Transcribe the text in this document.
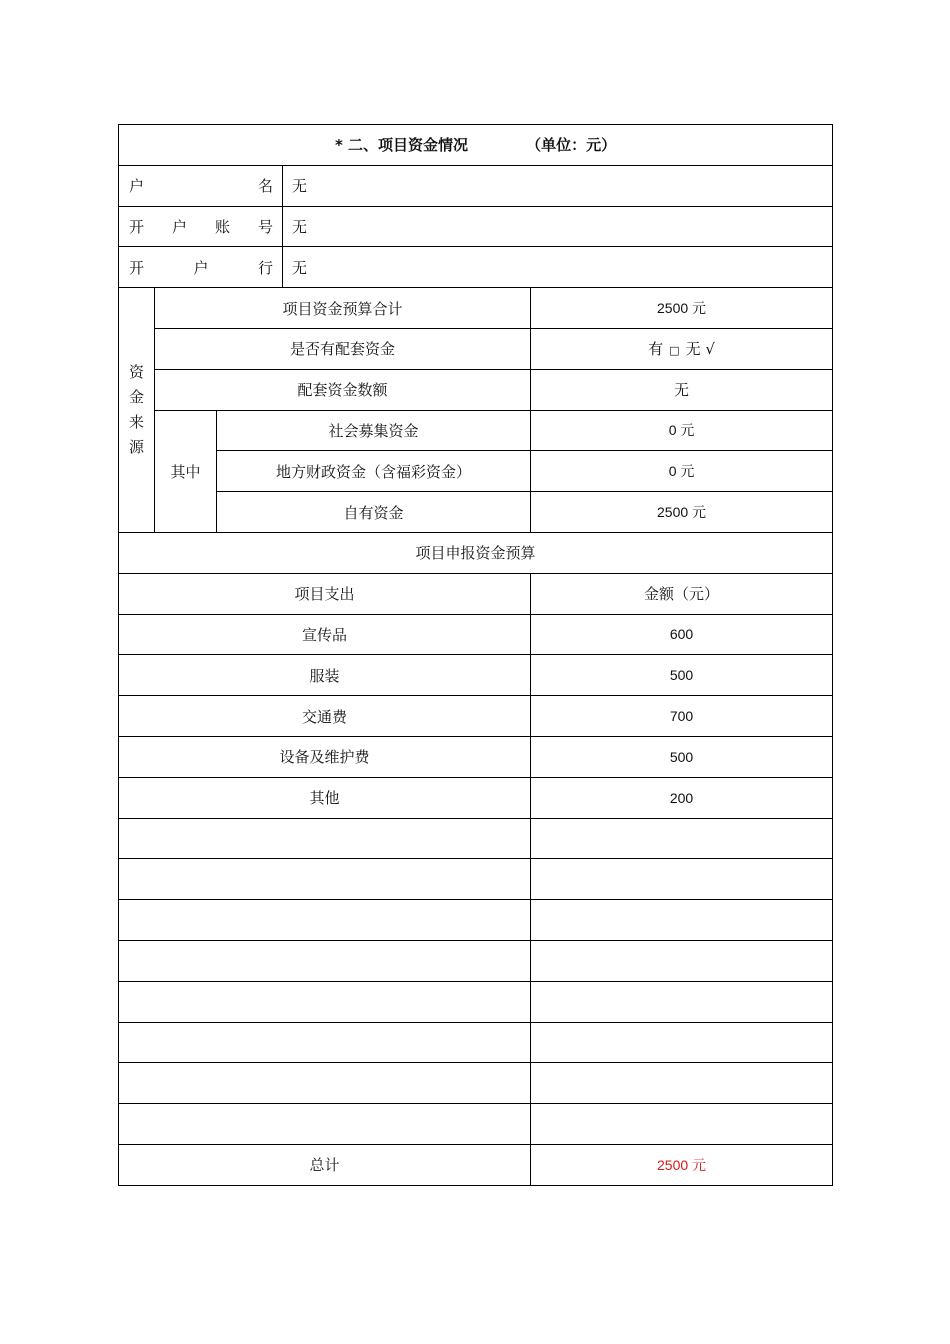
* 二、项目资金情况 （单位：元）				

户 名			无	

开 户 账 号			无	

开 户 行			无	

资
金
来
源	项目资金预算合计			2500 元
	是否有配套资金			有 □ 无 √
	配套资金数额			无
	其中	社会募集资金		0 元
		地方财政资金（含福彩资金）		0 元
		自有资金		2500 元
项目申报资金预算				
项目支出				金额（元）
宣传品				600
服装				500
交通费				700
设备及维护费				500
其他				200

总计				2500 元
